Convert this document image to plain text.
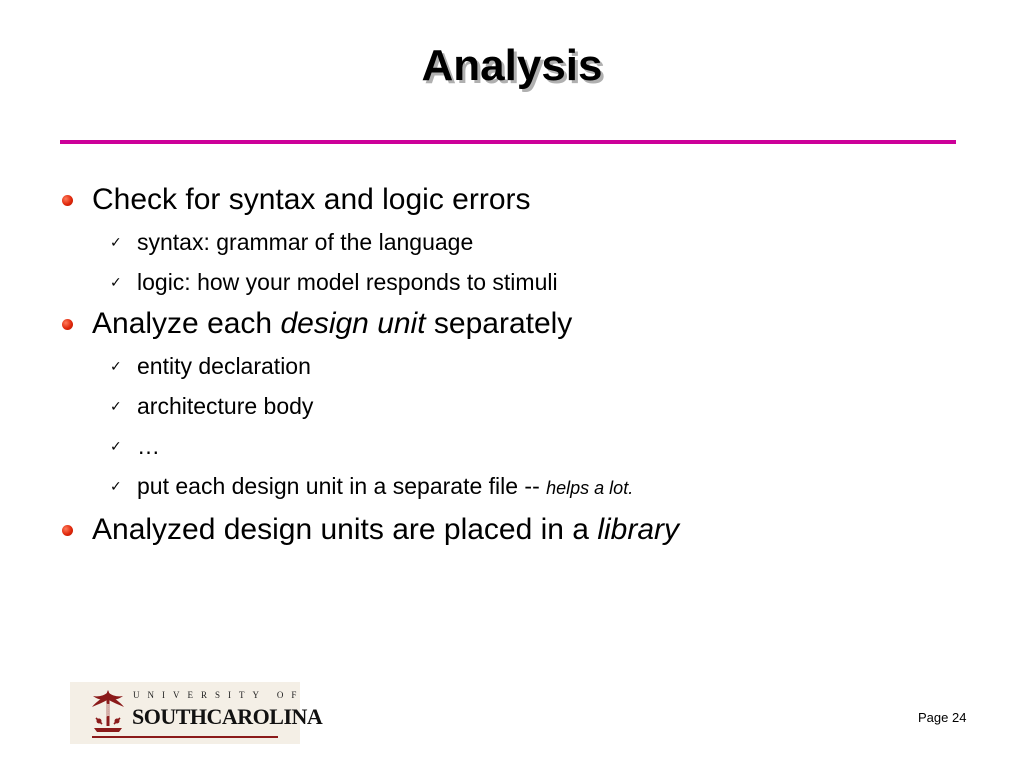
Analysis

Check for syntax and logic errors

✓ syntax: grammar of the language

✓ logic: how your model responds to stimuli

Analyze each design unit separately

✓ entity declaration

✓ architecture body

✓ …

✓ put each design unit in a separate file -- helps a lot.

Analyzed design units are placed in a library

UNIVERSITY OF
SOUTHCAROLINA	Page 24
